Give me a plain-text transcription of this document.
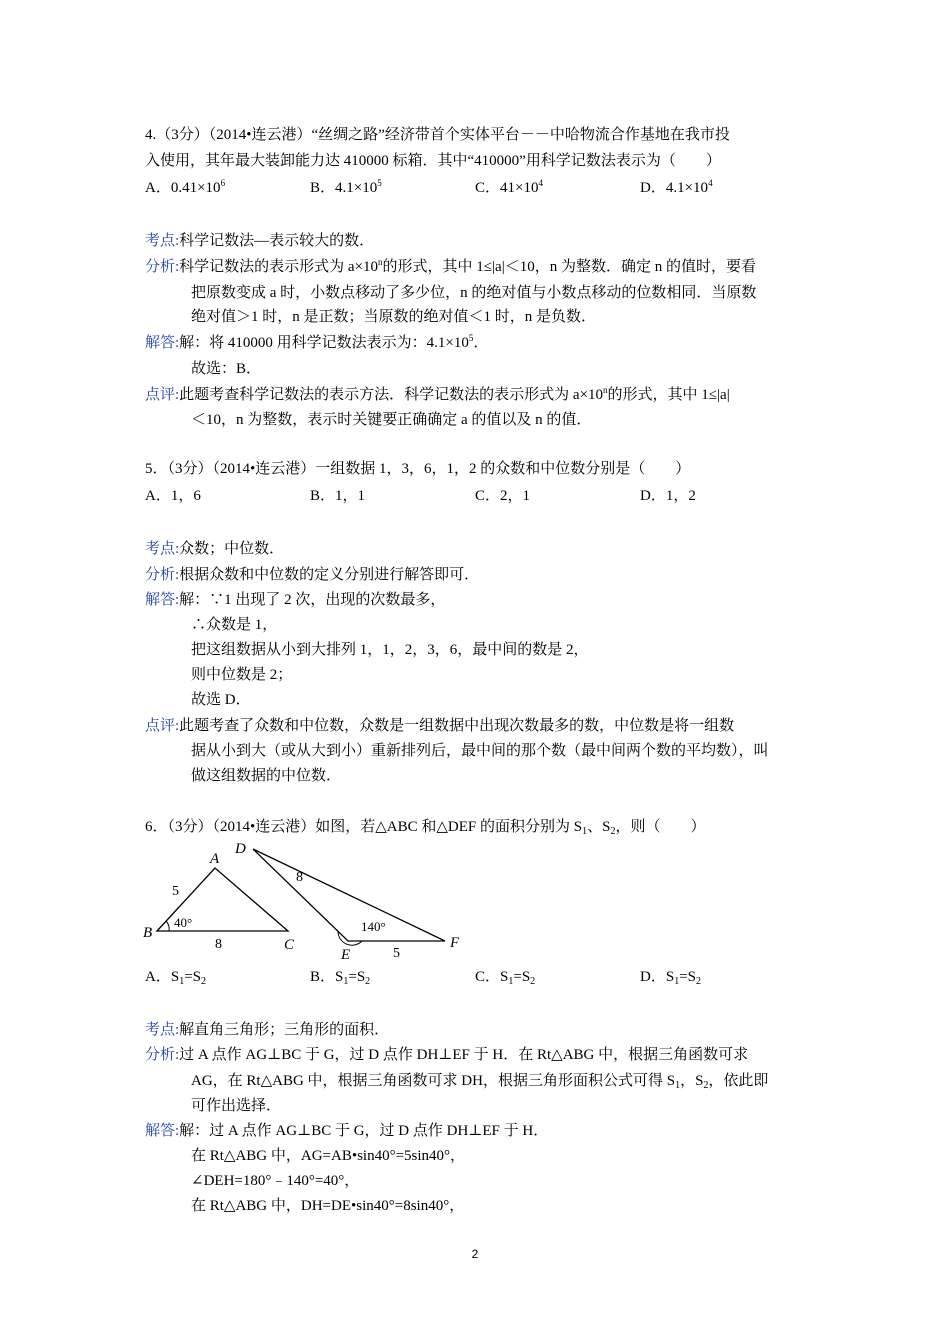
4.（3分）（2014•连云港）“丝绸之路”经济带首个实体平台－－中哈物流合作基地在我市投
入使用，其年最大装卸能力达 410000 标箱．其中“410000”用科学记数法表示为（　　）
A．$0.41\times 10^6$	B．$4.1\times 10^5$	C．$41\times 10^4$	D．$4.1\times 10^4$
考点:科学记数法—表示较大的数．
分析:科学记数法的表示形式为 $a\times 10^n$的形式，其中 1≤|a|＜10，n 为整数．确定 n 的值时，要看
把原数变成 a 时，小数点移动了多少位，n 的绝对值与小数点移动的位数相同．当原数
绝对值＞1 时，n 是正数；当原数的绝对值＜1 时，n 是负数．
解答:解：将 410000 用科学记数法表示为：$4.1\times 10^5$．
故选：B．
点评:此题考查科学记数法的表示方法．科学记数法的表示形式为 $a\times 10^n$的形式，其中 1≤|a|
＜10，n 为整数，表示时关键要正确确定 a 的值以及 n 的值．
5．（3分）（2014•连云港）一组数据 1，3，6，1，2 的众数和中位数分别是（　　）
A．1，6	B．1，1	C．2，1	D．1，2
考点:众数；中位数．
分析:根据众数和中位数的定义分别进行解答即可．
解答:解：∵1 出现了 2 次，出现的次数最多，
∴众数是 1，
把这组数据从小到大排列 1，1，2，3，6，最中间的数是 2，
则中位数是 2；
故选 D．
点评:此题考查了众数和中位数，众数是一组数据中出现次数最多的数，中位数是将一组数
据从小到大（或从大到小）重新排列后，最中间的那个数（最中间两个数的平均数），叫
做这组数据的中位数．
6．（3分）（2014•连云港）如图，若△ABC 和△DEF 的面积分别为 $S_1$、$S_2$，则（　　）
A
B
C
D
E
F
5
8
8
5
40°	140°
A．$S_1=S_2$	B．$S_1=S_2$	C．$S_1=S_2$	D．$S_1=S_2$
考点:解直角三角形；三角形的面积．
分析:过 A 点作 AG⊥BC 于 G，过 D 点作 DH⊥EF 于 H．在 Rt△ABG 中，根据三角函数可求
AG，在 Rt△ABG 中，根据三角函数可求 DH，根据三角形面积公式可得 $S_1$，$S_2$，依此即
可作出选择．
解答:解：过 A 点作 AG⊥BC 于 G，过 D 点作 DH⊥EF 于 H．
在 Rt△ABG 中，AG=AB•sin40°=5sin40°，
∠DEH=180°﹣140°=40°，
在 Rt△ABG 中，DH=DE•sin40°=8sin40°，
2
